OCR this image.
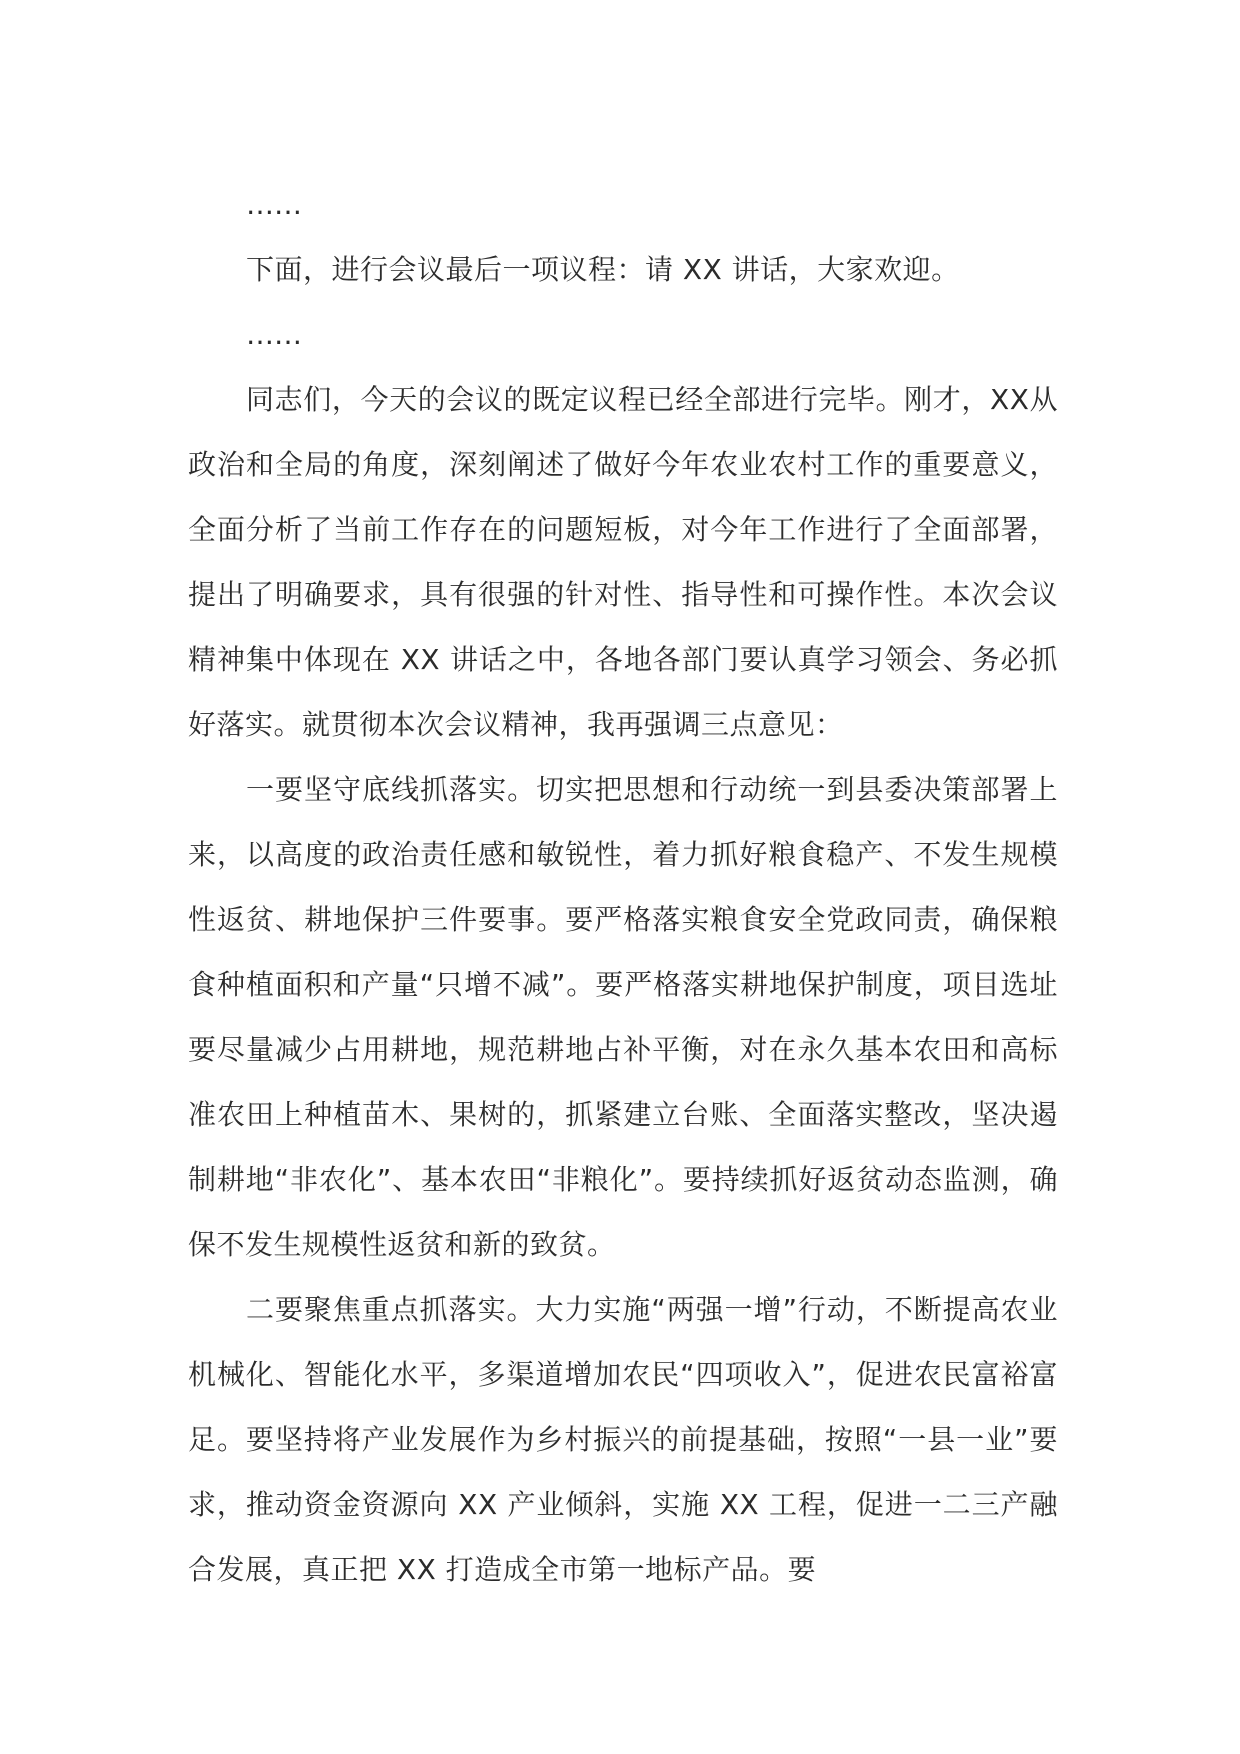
……

下面，进行会议最后一项议程：请 XX 讲话，大家欢迎。

……

同志们，今天的会议的既定议程已经全部进行完毕。刚才，XX从政治和全局的角度，深刻阐述了做好今年农业农村工作的重要意义，全面分析了当前工作存在的问题短板，对今年工作进行了全面部署，提出了明确要求，具有很强的针对性、指导性和可操作性。本次会议精神集中体现在 XX 讲话之中，各地各部门要认真学习领会、务必抓好落实。就贯彻本次会议精神，我再强调三点意见：

一要坚守底线抓落实。切实把思想和行动统一到县委决策部署上来，以高度的政治责任感和敏锐性，着力抓好粮食稳产、不发生规模性返贫、耕地保护三件要事。要严格落实粮食安全党政同责，确保粮食种植面积和产量“只增不减”。要严格落实耕地保护制度，项目选址要尽量减少占用耕地，规范耕地占补平衡，对在永久基本农田和高标准农田上种植苗木、果树的，抓紧建立台账、全面落实整改，坚决遏制耕地“非农化”、基本农田“非粮化”。要持续抓好返贫动态监测，确保不发生规模性返贫和新的致贫。

二要聚焦重点抓落实。大力实施“两强一增”行动，不断提高农业机械化、智能化水平，多渠道增加农民“四项收入”，促进农民富裕富足。要坚持将产业发展作为乡村振兴的前提基础，按照“一县一业”要求，推动资金资源向 XX 产业倾斜，实施 XX 工程，促进一二三产融合发展，真正把 XX 打造成全市第一地标产品。要
